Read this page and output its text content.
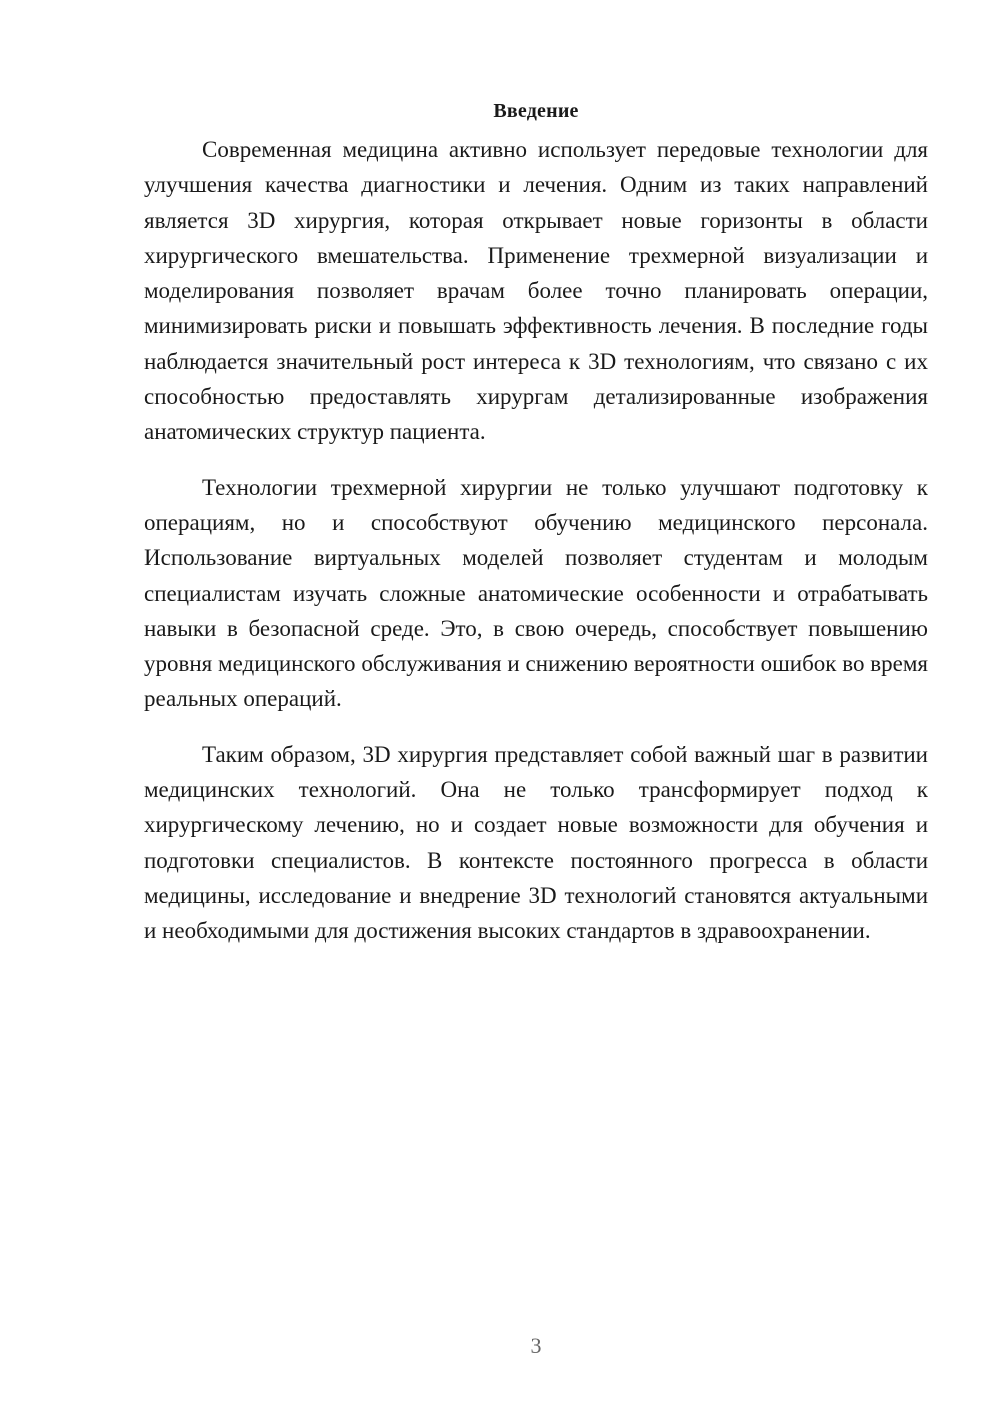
Введение

Современная медицина активно использует передовые технологии для улучшения качества диагностики и лечения. Одним из таких направлений является 3D хирургия, которая открывает новые горизонты в области хирургического вмешательства. Применение трехмерной визуализации и моделирования позволяет врачам более точно планировать операции, минимизировать риски и повышать эффективность лечения. В последние годы наблюдается значительный рост интереса к 3D технологиям, что связано с их способностью предоставлять хирургам детализированные изображения анатомических структур пациента.

Технологии трехмерной хирургии не только улучшают подготовку к операциям, но и способствуют обучению медицинского персонала. Использование виртуальных моделей позволяет студентам и молодым специалистам изучать сложные анатомические особенности и отрабатывать навыки в безопасной среде. Это, в свою очередь, способствует повышению уровня медицинского обслуживания и снижению вероятности ошибок во время реальных операций.

Таким образом, 3D хирургия представляет собой важный шаг в развитии медицинских технологий. Она не только трансформирует подход к хирургическому лечению, но и создает новые возможности для обучения и подготовки специалистов. В контексте постоянного прогресса в области медицины, исследование и внедрение 3D технологий становятся актуальными и необходимыми для достижения высоких стандартов в здравоохранении.

3
